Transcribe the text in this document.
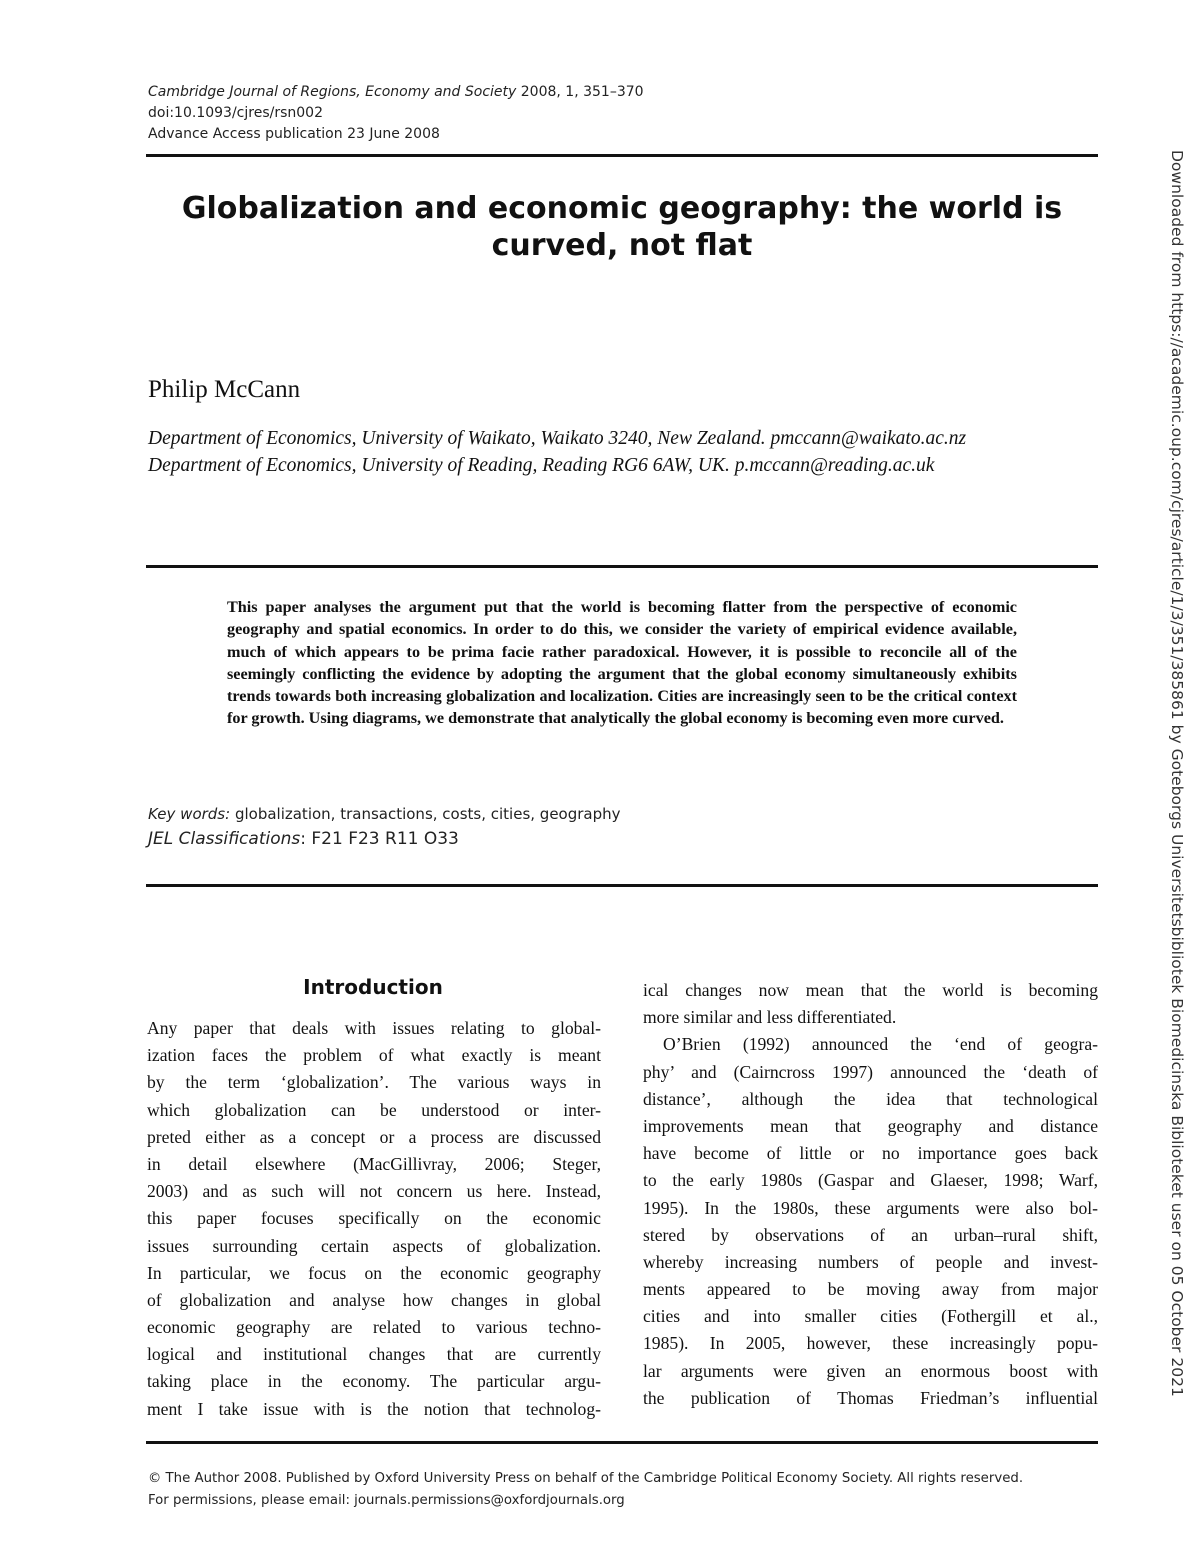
Cambridge Journal of Regions, Economy and Society 2008, 1, 351–370
doi:10.1093/cjres/rsn002
Advance Access publication 23 June 2008
Globalization and economic geography: the world is
curved, not flat
Philip McCann
Department of Economics, University of Waikato, Waikato 3240, New Zealand. pmccann@waikato.ac.nz
Department of Economics, University of Reading, Reading RG6 6AW, UK. p.mccann@reading.ac.uk
This paper analyses the argument put that the world is becoming flatter from the perspective of economic geography and spatial economics. In order to do this, we consider the variety of empirical evidence available, much of which appears to be prima facie rather paradoxical. However, it is possible to reconcile all of the seemingly conflicting the evidence by adopting the argument that the global economy simultaneously exhibits trends towards both increasing globalization and localization. Cities are increasingly seen to be the critical context for growth. Using diagrams, we demonstrate that analytically the global economy is becoming even more curved.
Key words: globalization, transactions, costs, cities, geography
JEL Classifications: F21 F23 R11 O33
Introduction
Any paper that deals with issues relating to global-
ization faces the problem of what exactly is meant
by the term ‘globalization’. The various ways in
which globalization can be understood or inter-
preted either as a concept or a process are discussed
in detail elsewhere (MacGillivray, 2006; Steger,
2003) and as such will not concern us here. Instead,
this paper focuses specifically on the economic
issues surrounding certain aspects of globalization.
In particular, we focus on the economic geography
of globalization and analyse how changes in global
economic geography are related to various techno-
logical and institutional changes that are currently
taking place in the economy. The particular argu-
ment I take issue with is the notion that technolog-
ical changes now mean that the world is becoming
more similar and less differentiated.
O’Brien (1992) announced the ‘end of geogra-
phy’ and (Cairncross 1997) announced the ‘death of
distance’, although the idea that technological
improvements mean that geography and distance
have become of little or no importance goes back
to the early 1980s (Gaspar and Glaeser, 1998; Warf,
1995). In the 1980s, these arguments were also bol-
stered by observations of an urban–rural shift,
whereby increasing numbers of people and invest-
ments appeared to be moving away from major
cities and into smaller cities (Fothergill et al.,
1985). In 2005, however, these increasingly popu-
lar arguments were given an enormous boost with
the publication of Thomas Friedman’s influential
© The Author 2008. Published by Oxford University Press on behalf of the Cambridge Political Economy Society. All rights reserved.
For permissions, please email: journals.permissions@oxfordjournals.org
Downloaded from https://academic.oup.com/cjres/article/1/3/351/385861 by Goteborgs Universitetsbibliotek Biomedicinska Biblioteket user on 05 October 2021
